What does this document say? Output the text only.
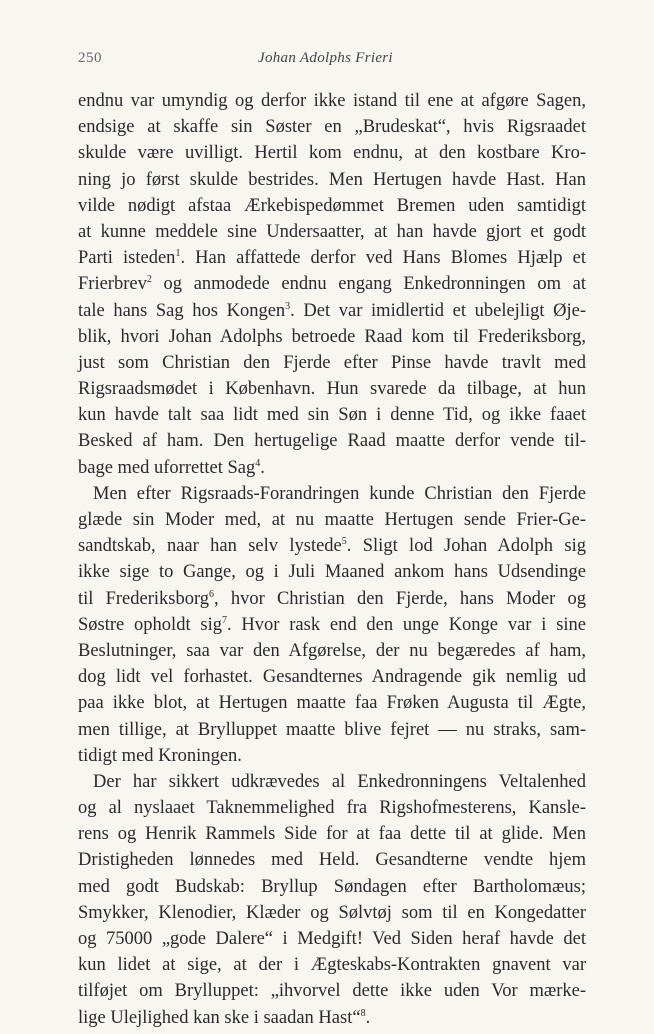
250	Johan Adolphs Frieri
endnu var umyndig og derfor ikke istand til ene at afgøre Sagen,
endsige at skaffe sin Søster en „Brudeskat“, hvis Rigsraadet
skulde være uvilligt. Hertil kom endnu, at den kostbare Kro-
ning jo først skulde bestrides. Men Hertugen havde Hast. Han
vilde nødigt afstaa Ærkebispedømmet Bremen uden samtidigt
at kunne meddele sine Undersaatter, at han havde gjort et godt
Parti isteden$^1$. Han affattede derfor ved Hans Blomes Hjælp et
Frierbrev$^2$ og anmodede endnu engang Enkedronningen om at
tale hans Sag hos Kongen$^3$. Det var imidlertid et ubelejligt Øje-
blik, hvori Johan Adolphs betroede Raad kom til Frederiksborg,
just som Christian den Fjerde efter Pinse havde travlt med
Rigsraadsmødet i København. Hun svarede da tilbage, at hun
kun havde talt saa lidt med sin Søn i denne Tid, og ikke faaet
Besked af ham. Den hertugelige Raad maatte derfor vende til-
bage med uforrettet Sag$^4$.
Men efter Rigsraads-Forandringen kunde Christian den Fjerde
glæde sin Moder med, at nu maatte Hertugen sende Frier-Ge-
sandtskab, naar han selv lystede$^5$. Sligt lod Johan Adolph sig
ikke sige to Gange, og i Juli Maaned ankom hans Udsendinge
til Frederiksborg$^6$, hvor Christian den Fjerde, hans Moder og
Søstre opholdt sig$^7$. Hvor rask end den unge Konge var i sine
Beslutninger, saa var den Afgørelse, der nu begæredes af ham,
dog lidt vel forhastet. Gesandternes Andragende gik nemlig ud
paa ikke blot, at Hertugen maatte faa Frøken Augusta til Ægte,
men tillige, at Brylluppet maatte blive fejret — nu straks, sam-
tidigt med Kroningen.
Der har sikkert udkrævedes al Enkedronningens Veltalenhed
og al nyslaaet Taknemmelighed fra Rigshofmesterens, Kansle-
rens og Henrik Rammels Side for at faa dette til at glide. Men
Dristigheden lønnedes med Held. Gesandterne vendte hjem
med godt Budskab: Bryllup Søndagen efter Bartholomæus;
Smykker, Klenodier, Klæder og Sølvtøj som til en Kongedatter
og 75000 „gode Dalere“ i Medgift! Ved Siden heraf havde det
kun lidet at sige, at der i Ægteskabs-Kontrakten gnavent var
tilføjet om Brylluppet: „ihvorvel dette ikke uden Vor mærke-
lige Ulejlighed kan ske i saadan Hast“$^8$.
